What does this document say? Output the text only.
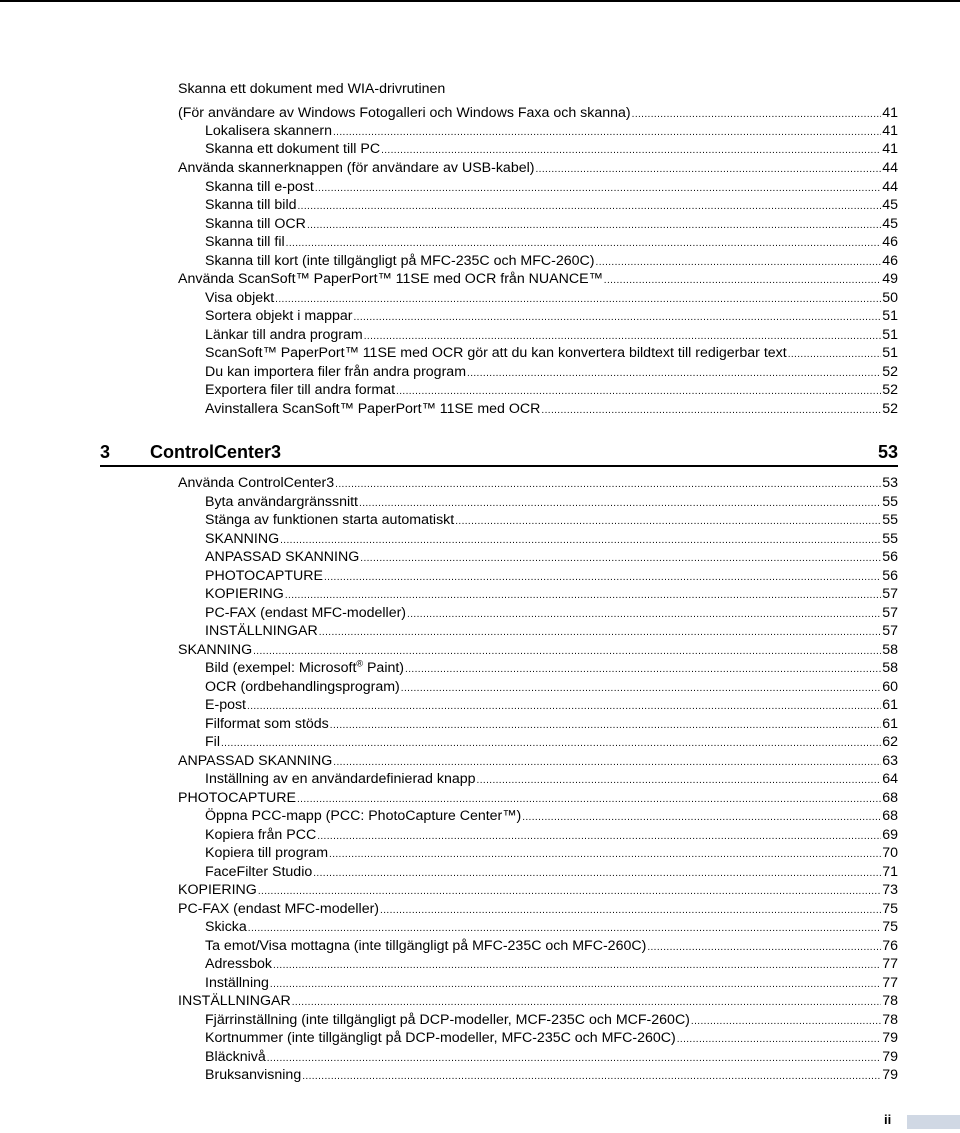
Skanna ett dokument med WIA-drivrutinen
(För användare av Windows Fotogalleri och Windows Faxa och skanna) .....	41
Lokalisera skannern .....	41
Skanna ett dokument till PC .....	41
Använda skannerknappen (för användare av USB-kabel) .....	44
Skanna till e-post .....	44
Skanna till bild .....	45
Skanna till OCR .....	45
Skanna till fil .....	46
Skanna till kort (inte tillgängligt på MFC-235C och MFC-260C) .....	46
Använda ScanSoft™ PaperPort™ 11SE med OCR från NUANCE™ .....	49
Visa objekt .....	50
Sortera objekt i mappar .....	51
Länkar till andra program .....	51
ScanSoft™ PaperPort™ 11SE med OCR gör att du kan konvertera bildtext till redigerbar text .....	51
Du kan importera filer från andra program .....	52
Exportera filer till andra format .....	52
Avinstallera ScanSoft™ PaperPort™ 11SE med OCR .....	52
3	ControlCenter3	53
Använda ControlCenter3 .....	53
Byta användargränssnitt .....	55
Stänga av funktionen starta automatiskt .....	55
SKANNING .....	55
ANPASSAD SKANNING .....	56
PHOTOCAPTURE .....	56
KOPIERING .....	57
PC-FAX (endast MFC-modeller) .....	57
INSTÄLLNINGAR .....	57
SKANNING .....	58
Bild (exempel: Microsoft® Paint) .....	58
OCR (ordbehandlingsprogram) .....	60
E-post .....	61
Filformat som stöds .....	61
Fil .....	62
ANPASSAD SKANNING .....	63
Inställning av en användardefinierad knapp .....	64
PHOTOCAPTURE .....	68
Öppna PCC-mapp (PCC: PhotoCapture Center™) .....	68
Kopiera från PCC .....	69
Kopiera till program .....	70
FaceFilter Studio .....	71
KOPIERING .....	73
PC-FAX (endast MFC-modeller) .....	75
Skicka .....	75
Ta emot/Visa mottagna (inte tillgängligt på MFC-235C och MFC-260C) .....	76
Adressbok .....	77
Inställning .....	77
INSTÄLLNINGAR .....	78
Fjärrinställning (inte tillgängligt på DCP-modeller, MCF-235C och MCF-260C) .....	78
Kortnummer (inte tillgängligt på DCP-modeller, MFC-235C och MFC-260C) .....	79
Bläcknivå .....	79
Bruksanvisning .....	79
ii
